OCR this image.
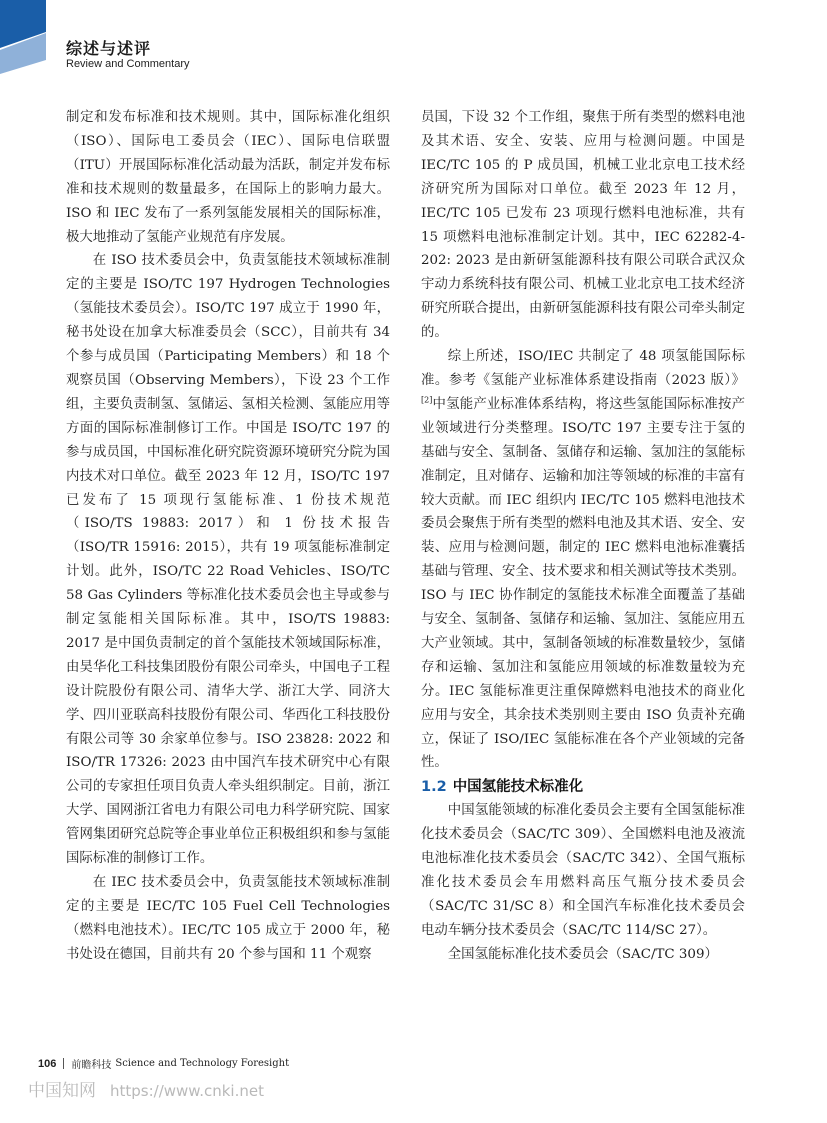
综述与述评
Review and Commentary

制定和发布标准和技术规则。其中，国际标准化组织（ISO）、国际电工委员会（IEC）、国际电信联盟（ITU）开展国际标准化活动最为活跃，制定并发布标准和技术规则的数量最多，在国际上的影响力最大。ISO 和 IEC 发布了一系列氢能发展相关的国际标准，极大地推动了氢能产业规范有序发展。

在 ISO 技术委员会中，负责氢能技术领域标准制定的主要是 ISO/TC 197 Hydrogen Technologies（氢能技术委员会）。ISO/TC 197 成立于 1990 年，秘书处设在加拿大标准委员会（SCC），目前共有 34 个参与成员国（Participating Members）和 18 个观察员国（Observing Members），下设 23 个工作组，主要负责制氢、氢储运、氢相关检测、氢能应用等方面的国际标准制修订工作。中国是 ISO/TC 197 的参与成员国，中国标准化研究院资源环境研究分院为国内技术对口单位。截至 2023 年 12 月，ISO/TC 197 已发布了 15 项现行氢能标准、1 份技术规范（ISO/TS 19883: 2017）和 1 份技术报告（ISO/TR 15916: 2015），共有 19 项氢能标准制定计划。此外，ISO/TC 22 Road Vehicles、ISO/TC 58 Gas Cylinders 等标准化技术委员会也主导或参与制定氢能相关国际标准。其中，ISO/TS 19883: 2017 是中国负责制定的首个氢能技术领域国际标准，由昊华化工科技集团股份有限公司牵头，中国电子工程设计院股份有限公司、清华大学、浙江大学、同济大学、四川亚联高科技股份有限公司、华西化工科技股份有限公司等 30 余家单位参与。ISO 23828: 2022 和 ISO/TR 17326: 2023 由中国汽车技术研究中心有限公司的专家担任项目负责人牵头组织制定。目前，浙江大学、国网浙江省电力有限公司电力科学研究院、国家管网集团研究总院等企事业单位正积极组织和参与氢能国际标准的制修订工作。

在 IEC 技术委员会中，负责氢能技术领域标准制定的主要是 IEC/TC 105 Fuel Cell Technologies（燃料电池技术）。IEC/TC 105 成立于 2000 年，秘书处设在德国，目前共有 20 个参与国和 11 个观察

员国，下设 32 个工作组，聚焦于所有类型的燃料电池及其术语、安全、安装、应用与检测问题。中国是 IEC/TC 105 的 P 成员国，机械工业北京电工技术经济研究所为国际对口单位。截至 2023 年 12 月，IEC/TC 105 已发布 23 项现行燃料电池标准，共有 15 项燃料电池标准制定计划。其中，IEC 62282-4-202: 2023 是由新研氢能源科技有限公司联合武汉众宇动力系统科技有限公司、机械工业北京电工技术经济研究所联合提出，由新研氢能源科技有限公司牵头制定的。

综上所述，ISO/IEC 共制定了 48 项氢能国际标准。参考《氢能产业标准体系建设指南（2023 版）》[2]中氢能产业标准体系结构，将这些氢能国际标准按产业领域进行分类整理。ISO/TC 197 主要专注于氢的基础与安全、氢制备、氢储存和运输、氢加注的氢能标准制定，且对储存、运输和加注等领域的标准的丰富有较大贡献。而 IEC 组织内 IEC/TC 105 燃料电池技术委员会聚焦于所有类型的燃料电池及其术语、安全、安装、应用与检测问题，制定的 IEC 燃料电池标准囊括基础与管理、安全、技术要求和相关测试等技术类别。ISO 与 IEC 协作制定的氢能技术标准全面覆盖了基础与安全、氢制备、氢储存和运输、氢加注、氢能应用五大产业领域。其中，氢制备领域的标准数量较少，氢储存和运输、氢加注和氢能应用领域的标准数量较为充分。IEC 氢能标准更注重保障燃料电池技术的商业化应用与安全，其余技术类别则主要由 ISO 负责补充确立，保证了 ISO/IEC 氢能标准在各个产业领域的完备性。

1.2 中国氢能技术标准化

中国氢能领域的标准化委员会主要有全国氢能标准化技术委员会（SAC/TC 309）、全国燃料电池及液流电池标准化技术委员会（SAC/TC 342）、全国气瓶标准化技术委员会车用燃料高压气瓶分技术委员会（SAC/TC 31/SC 8）和全国汽车标准化技术委员会电动车辆分技术委员会（SAC/TC 114/SC 27）。

全国氢能标准化技术委员会（SAC/TC 309）

106 前瞻科技 Science and Technology Foresight
中国知网 https://www.cnki.net
